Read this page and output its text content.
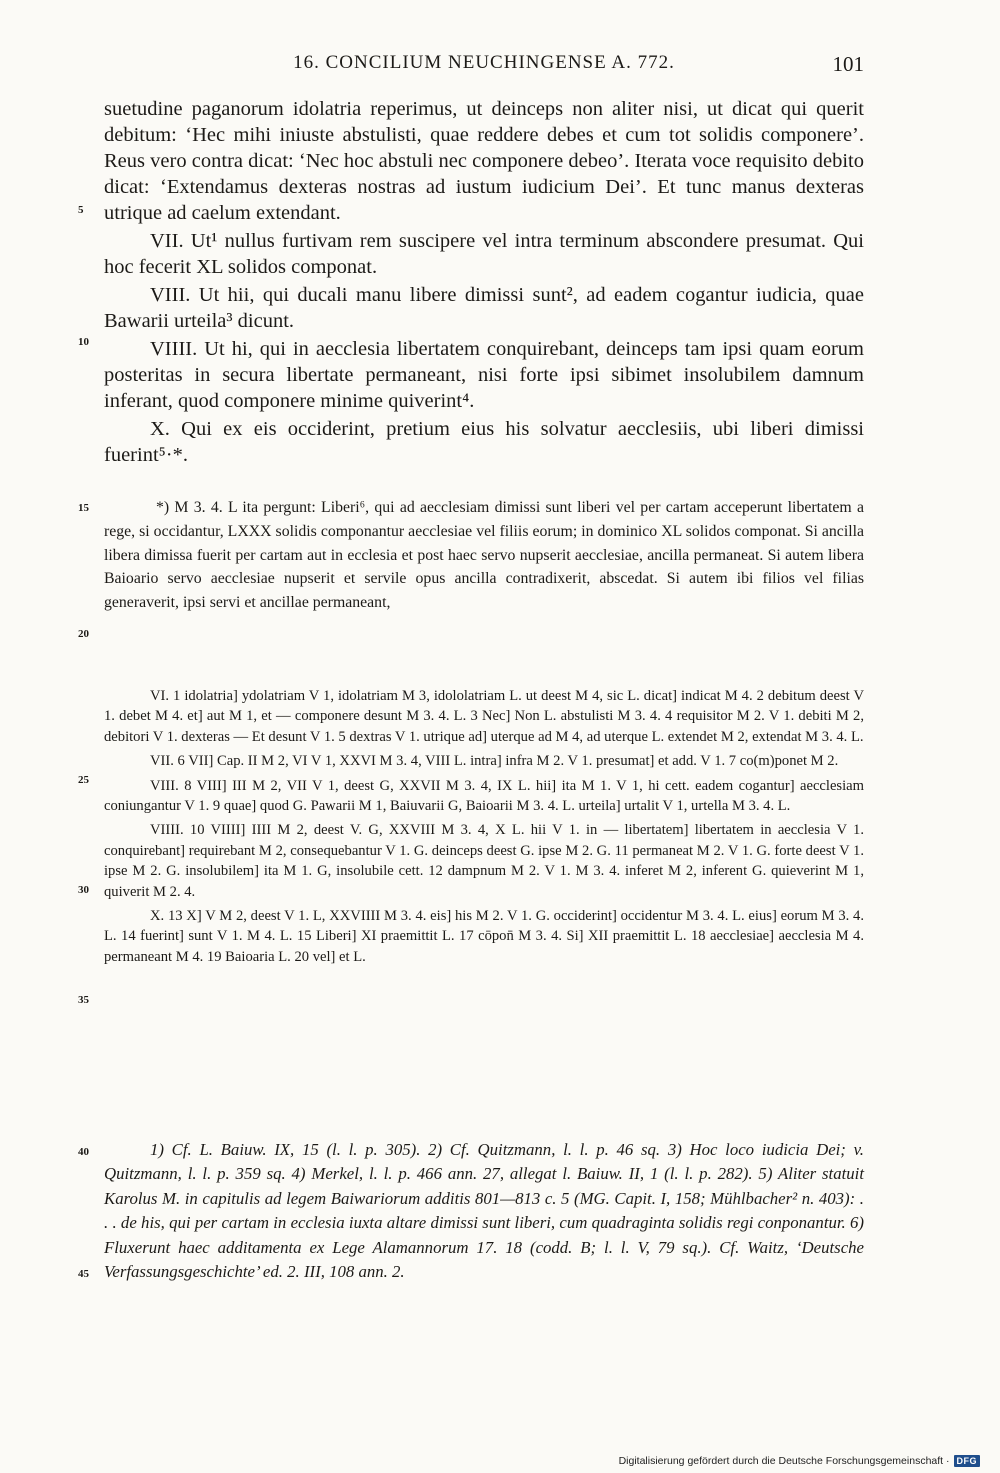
16. CONCILIUM NEUCHINGENSE A. 772.	101

suetudine paganorum idolatria reperimus, ut deinceps non aliter nisi, ut dicat qui querit debitum: ‘Hec mihi iniuste abstulisti, quae reddere debes et cum tot solidis componere’. Reus vero contra dicat: ‘Nec hoc abstuli nec componere debeo’. Iterata voce requisito debito dicat: ‘Extendamus dexteras nostras ad iustum iudicium Dei’. Et tunc manus dexteras utrique ad caelum extendant.

VII. Ut¹ nullus furtivam rem suscipere vel intra terminum abscondere presumat. Qui hoc fecerit XL solidos componat.

VIII. Ut hii, qui ducali manu libere dimissi sunt², ad eadem cogantur iudicia, quae Bawarii urteila³ dicunt.

VIIII. Ut hi, qui in aecclesia libertatem conquirebant, deinceps tam ipsi quam eorum posteritas in secura libertate permaneant, nisi forte ipsi sibimet insolubilem damnum inferant, quod componere minime quiverint⁴.

X. Qui ex eis occiderint, pretium eius his solvatur aecclesiis, ubi liberi dimissi fuerint⁵·*.

*) M 3. 4. L ita pergunt: Liberi⁶, qui ad aecclesiam dimissi sunt liberi vel per cartam acceperunt libertatem a rege, si occidantur, LXXX solidis componantur aecclesiae vel filiis eorum; in dominico XL solidos componat. Si ancilla libera dimissa fuerit per cartam aut in ecclesia et post haec servo nupserit aecclesiae, ancilla permaneat. Si autem libera Baioario servo aecclesiae nupserit et servile opus ancilla contradixerit, abscedat. Si autem ibi filios vel filias generaverit, ipsi servi et ancillae permaneant,

VI. 1 idolatria] ydolatriam V 1, idolatriam M 3, idololatriam L. ut deest M 4, sic L. dicat] indicat M 4. 2 debitum deest V 1. debet M 4. et] aut M 1, et — componere desunt M 3. 4. L. 3 Nec] Non L. abstulisti M 3. 4. 4 requisitor M 2. V 1. debiti M 2, debitori V 1. dexteras — Et desunt V 1. 5 dextras V 1. utrique ad] uterque ad M 4, ad uterque L. extendet M 2, extendat M 3. 4. L.

VII. 6 VII] Cap. II M 2, VI V 1, XXVI M 3. 4, VIII L. intra] infra M 2. V 1. presumat] et add. V 1. 7 co(m)ponet M 2.

VIII. 8 VIII] III M 2, VII V 1, deest G, XXVII M 3. 4, IX L. hii] ita M 1. V 1, hi cett. eadem cogantur] aecclesiam coniungantur V 1. 9 quae] quod G. Pawarii M 1, Baiuvarii G, Baioarii M 3. 4. L. urteila] urtalit V 1, urtella M 3. 4. L.

VIIII. 10 VIIII] IIII M 2, deest V. G, XXVIII M 3. 4, X L. hii V 1. in — libertatem] libertatem in aecclesia V 1. conquirebant] requirebant M 2, consequebantur V 1. G. deinceps deest G. ipse M 2. G. 11 permaneat M 2. V 1. G. forte deest V 1. ipse M 2. G. insolubilem] ita M 1. G, insolubile cett. 12 dampnum M 2. V 1. M 3. 4. inferet M 2, inferent G. quieverint M 1, quiverit M 2. 4.

X. 13 X] V M 2, deest V 1. L, XXVIIII M 3. 4. eis] his M 2. V 1. G. occiderint] occidentur M 3. 4. L. eius] eorum M 3. 4. L. 14 fuerint] sunt V 1. M 4. L. 15 Liberi] XI praemittit L. 17 cōpon̄ M 3. 4. Si] XII praemittit L. 18 aecclesiae] aecclesia M 4. permaneant M 4. 19 Baioaria L. 20 vel] et L.

1) Cf. L. Baiuw. IX, 15 (l. l. p. 305). 2) Cf. Quitzmann, l. l. p. 46 sq. 3) Hoc loco iudicia Dei; v. Quitzmann, l. l. p. 359 sq. 4) Merkel, l. l. p. 466 ann. 27, allegat l. Baiuw. II, 1 (l. l. p. 282). 5) Aliter statuit Karolus M. in capitulis ad legem Baiwariorum additis 801—813 c. 5 (MG. Capit. I, 158; Mühlbacher² n. 403): . . . de his, qui per cartam in ecclesia iuxta altare dimissi sunt liberi, cum quadraginta solidis regi conponantur. 6) Fluxerunt haec additamenta ex Lege Alamannorum 17. 18 (codd. B; l. l. V, 79 sq.). Cf. Waitz, ‘Deutsche Verfassungsgeschichte’ ed. 2. III, 108 ann. 2.

5
10
15
20
25
30
35
40
45
Digitalisierung gefördert durch die Deutsche Forschungsgemeinschaft · DFG
